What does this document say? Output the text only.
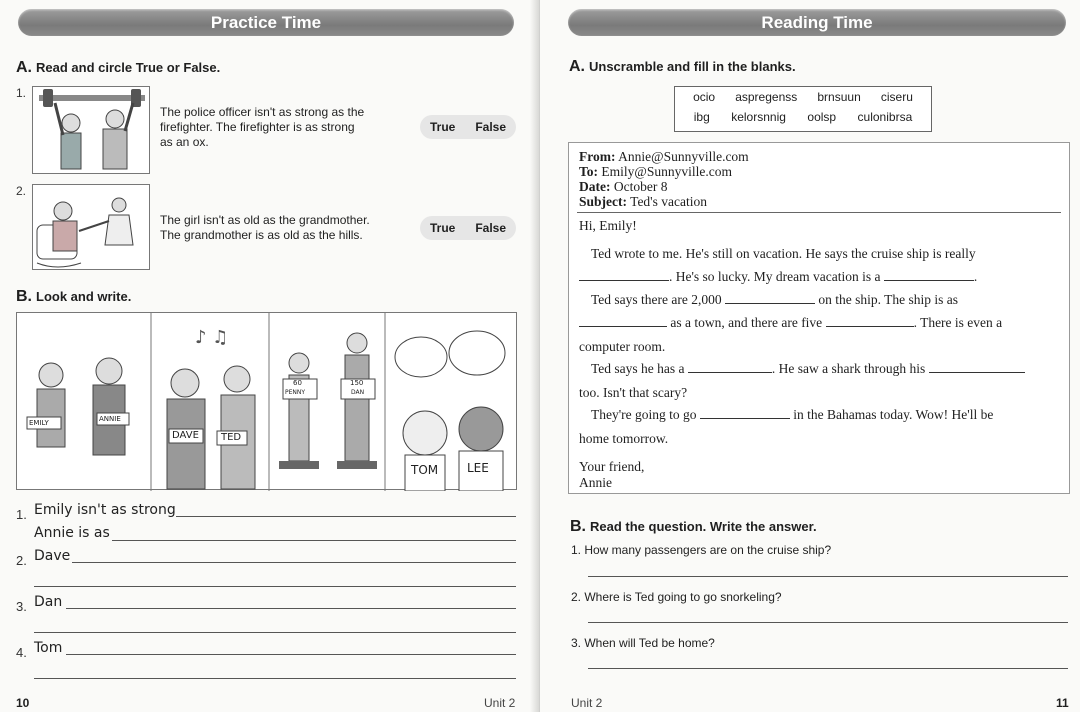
Practice Time
A. Read and circle True or False.
1.
The police officer isn't as strong as the
firefighter. The firefighter is as strong
as an ox.
True False
2.
The girl isn't as old as the grandmother.
The grandmother is as old as the hills.	True False
B. Look and write.
♪ ♫
EMILY	ANNIE
DAVE TED
60
PENNY
150
DAN
TOM LEE
1. Emily isn't as strong
Annie is as
2. Dave
3. Dan
4. Tom
10	Unit 2
Reading Time
A. Unscramble and fill in the blanks.
ocio aspregenss brnsuun ciseru
ibg kelorsnnig oolsp culonibrsa
From: Annie@Sunnyville.com
To: Emily@Sunnyville.com
Date: October 8
Subject: Ted's vacation
Hi, Emily!
Ted wrote to me. He's still on vacation. He says the cruise ship is really
. He's so lucky. My dream vacation is a	.
Ted says there are 2,000	on the ship. The ship is as
as a town, and there are five	. There is even a
computer room.
Ted says he has a	. He saw a shark through his
too. Isn't that scary?
They're going to go	in the Bahamas today. Wow! He'll be
home tomorrow.
Your friend,
Annie
B. Read the question. Write the answer.
1. How many passengers are on the cruise ship?
2. Where is Ted going to go snorkeling?
3. When will Ted be home?
Unit 2	11
